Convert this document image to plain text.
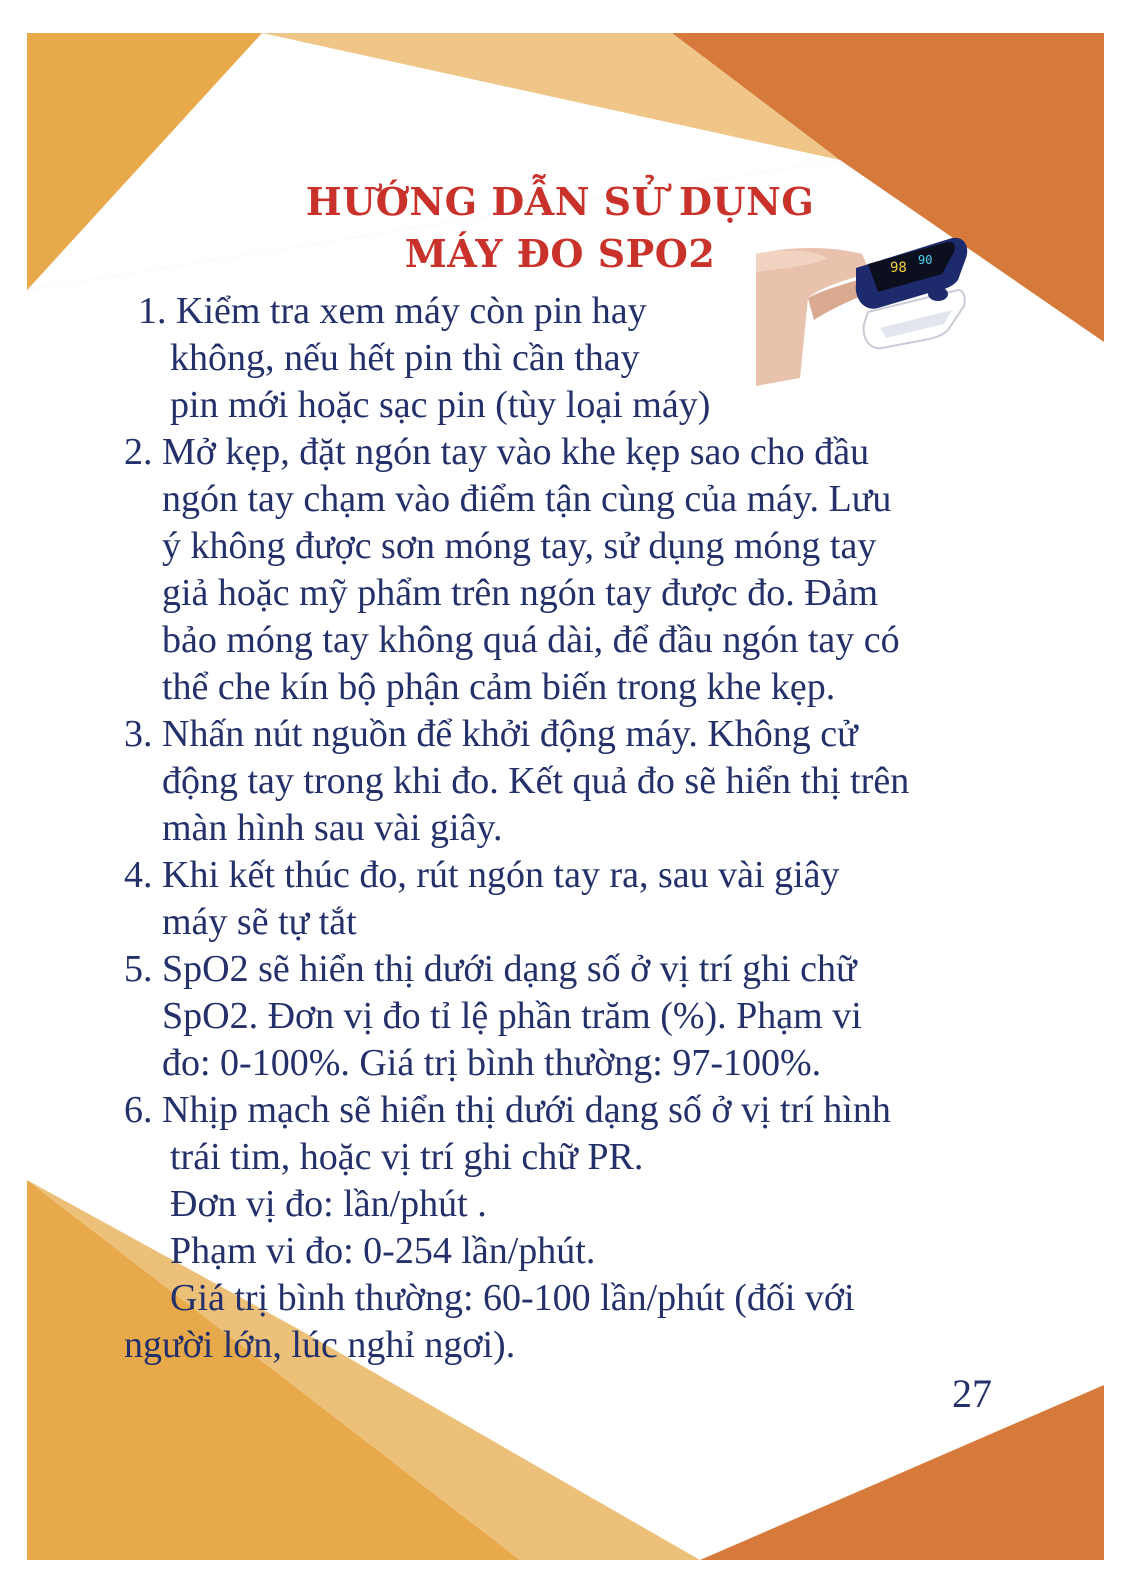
HƯỚNG DẪN SỬ DỤNG
MÁY ĐO SPO2	98 90
1. Kiểm tra xem máy còn pin hay
không, nếu hết pin thì cần thay
pin mới hoặc sạc pin (tùy loại máy)
2. Mở kẹp, đặt ngón tay vào khe kẹp sao cho đầu
ngón tay chạm vào điểm tận cùng của máy. Lưu
ý không được sơn móng tay, sử dụng móng tay
giả hoặc mỹ phẩm trên ngón tay được đo. Đảm
bảo móng tay không quá dài, để đầu ngón tay có
thể che kín bộ phận cảm biến trong khe kẹp.
3. Nhấn nút nguồn để khởi động máy. Không cử
động tay trong khi đo. Kết quả đo sẽ hiển thị trên
màn hình sau vài giây.
4. Khi kết thúc đo, rút ngón tay ra, sau vài giây
máy sẽ tự tắt
5. SpO2 sẽ hiển thị dưới dạng số ở vị trí ghi chữ
SpO2. Đơn vị đo tỉ lệ phần trăm (%). Phạm vi
đo: 0-100%. Giá trị bình thường: 97-100%.
6. Nhịp mạch sẽ hiển thị dưới dạng số ở vị trí hình
trái tim, hoặc vị trí ghi chữ PR.
Đơn vị đo: lần/phút .
Phạm vi đo: 0-254 lần/phút.
Giá trị bình thường: 60-100 lần/phút (đối với
người lớn, lúc nghỉ ngơi).
27
